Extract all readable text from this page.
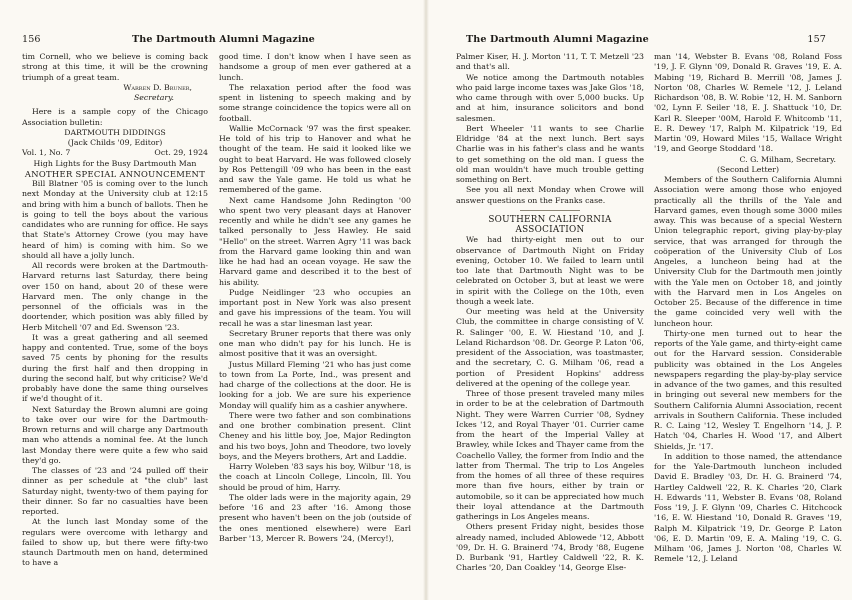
156	The Dartmouth Alumni Magazine

tim Cornell, who we believe is coming back strong at this time, it will be the crowning triumph of a great team.

Warren D. Bruner,

Secretary.

Here is a sample copy of the Chicago Association bulletin:

DARTMOUTH DIDDINGS

(Jack Childs '09, Editor)

Vol. 1, No. 7	Oct. 29, 1924

High Lights for the Busy Dartmouth Man

ANOTHER SPECIAL ANNOUNCEMENT

Bill Blatner '05 is coming over to the lunch next Monday at the University club at 12:15 and bring with him a bunch of ballots. Then he is going to tell the boys about the various candidates who are running for office. He says that State's Attorney Crowe (you may have heard of him) is coming with him. So we should all have a jolly lunch.

All records were broken at the Dartmouth-Harvard returns last Saturday, there being over 150 on hand, about 20 of these were Harvard men. The only change in the personnel of the officials was in the doortender, which position was ably filled by Herb Mitchell '07 and Ed. Swenson '23.

It was a great gathering and all seemed happy and contented. True, some of the boys saved 75 cents by phoning for the results during the first half and then dropping in during the second half, but why criticise? We'd probably have done the same thing ourselves if we'd thought of it.

Next Saturday the Brown alumni are going to take over our wire for the Dartmouth-Brown returns and will charge any Dartmouth man who attends a nominal fee. At the lunch last Monday there were quite a few who said they'd go.

The classes of '23 and '24 pulled off their dinner as per schedule at "the club" last Saturday night, twenty-two of them paying for their dinner. So far no casualties have been reported.

At the lunch last Monday some of the regulars were overcome with lethargy and failed to show up, but there were fifty-two staunch Dartmouth men on hand, determined to have a

good time. I don't know when I have seen as handsome a group of men ever gathered at a lunch.

The relaxation period after the food was spent in listening to speech making and by some strange coincidence the topics were all on football.

Wallie McCornack '97 was the first speaker. He told of his trip to Hanover and what he thought of the team. He said it looked like we ought to beat Harvard. He was followed closely by Ros Pettengill '09 who has been in the east and saw the Yale game. He told us what he remembered of the game.

Next came Handsome John Redington '00 who spent two very pleasant days at Hanover recently and while he didn't see any games he talked personally to Jess Hawley. He said "Hello" on the street. Warren Agry '11 was back from the Harvard game looking thin and wan like he had had an ocean voyage. He saw the Harvard game and described it to the best of his ability.

Pudge Neidlinger '23 who occupies an important post in New York was also present and gave his impressions of the team. You will recall he was a star linesman last year.

Secretary Bruner reports that there was only one man who didn't pay for his lunch. He is almost positive that it was an oversight.

Justus Millard Fleming '21 who has just come to town from La Porte, Ind., was present and had charge of the collections at the door. He is looking for a job. We are sure his experience Monday will qualify him as a cashier anywhere.

There were two father and son combinations and one brother combination present. Clint Cheney and his little boy, Joe, Major Redington and his two boys, John and Theodore, two lovely boys, and the Meyers brothers, Art and Laddie.

Harry Woleben '83 says his boy, Wilbur '18, is the coach at Lincoln College, Lincoln, Ill. You should be proud of him, Harry.

The older lads were in the majority again, 29 before '16 and 23 after '16. Among those present who haven't been on the job (outside of the ones mentioned elsewhere) were Earl Barber '13, Mercer R. Bowers '24, (Mercy!),

The Dartmouth Alumni Magazine	157

Palmer Kiser, H. J. Morton '11, T. T. Metzell '23 and that's all.

We notice among the Dartmouth notables who paid large income taxes was Jake Glos '18, who came through with over 5,000 bucks. Up and at him, insurance solicitors and bond salesmen.

Bert Wheeler '11 wants to see Charlie Eldridge '84 at the next lunch. Bert says Charlie was in his father's class and he wants to get something on the old man. I guess the old man wouldn't have much trouble getting something on Bert.

See you all next Monday when Crowe will answer questions on the Franks case.

SOUTHERN CALIFORNIA

ASSOCIATION

We had thirty-eight men out to our observance of Dartmouth Night on Friday evening, October 10. We failed to learn until too late that Dartmouth Night was to be celebrated on October 3, but at least we were in spirit with the College on the 10th, even though a week late.

Our meeting was held at the University Club, the committee in charge consisting of V. R. Salinger '00, E. W. Hiestand '10, and J. Leland Richardson '08. Dr. George P. Laton '06, president of the Association, was toastmaster, and the secretary, C. G. Milham '06, read a portion of President Hopkins' address delivered at the opening of the college year.

Three of those present traveled many miles in order to be at the celebration of Dartmouth Night. They were Warren Currier '08, Sydney Ickes '12, and Royal Thayer '01. Currier came from the heart of the Imperial Valley at Brawley, while Ickes and Thayer came from the Coachello Valley, the former from Indio and the latter from Thermal. The trip to Los Angeles from the homes of all three of these requires more than five hours, either by train or automobile, so it can be appreciated how much their loyal attendance at the Dartmouth gatherings in Los Angeles means.

Others present Friday night, besides those already named, included Ablowede '12, Abbott '09, Dr. H. G. Brainerd '74, Brody '88, Eugene D. Burbank '91, Hartley Caldwell '22, R. K. Charles '20, Dan Coakley '14, George Else-

man '14, Webster B. Evans '08, Roland Foss '19, J. F. Glynn '09, Donald R. Graves '19, E. A. Mabing '19, Richard B. Merrill '08, James J. Norton '08, Charles W. Remele '12, J. Leland Richardson '08, B. W. Robie '12, H. M. Sanborn '02, Lynn F. Seiler '18, E. J. Shattuck '10, Dr. Karl R. Sleeper '00M, Harold F. Whitcomb '11, E. R. Dewey '17, Ralph M. Kilpatrick '19, Ed Martin '09, Howard Miles '15, Wallace Wright '19, and George Stoddard '18.

C. G. Milham, Secretary.

(Second Letter)

Members of the Southern California Alumni Association were among those who enjoyed practically all the thrills of the Yale and Harvard games, even though some 3000 miles away. This was because of a special Western Union telegraphic report, giving play-by-play service, that was arranged for through the coöperation of the University Club of Los Angeles, a luncheon being had at the University Club for the Dartmouth men jointly with the Yale men on October 18, and jointly with the Harvard men in Los Angeles on October 25. Because of the difference in time the game coincided very well with the luncheon hour.

Thirty-one men turned out to hear the reports of the Yale game, and thirty-eight came out for the Harvard session. Considerable publicity was obtained in the Los Angeles newspapers regarding the play-by-play service in advance of the two games, and this resulted in bringing out several new members for the Southern California Alumni Association, recent arrivals in Southern California. These included R. C. Laing '12, Wesley T. Engelhorn '14, J. P. Hatch '04, Charles H. Wood '17, and Albert Shields, Jr. '17.

In addition to those named, the attendance for the Yale-Dartmouth luncheon included David E. Bradley '03, Dr. H. G. Brainerd '74, Hartley Caldwell '22, R. K. Charles '20, Clark H. Edwards '11, Webster B. Evans '08, Roland Foss '19, J. F. Glynn '09, Charles C. Hitchcock '16, E. W. Hiestand '10, Donald R. Graves '19, Ralph M. Kilpatrick '19, Dr. George P. Laton '06, E. D. Martin '09, E. A. Maling '19, C. G. Milham '06, James J. Norton '08, Charles W. Remele '12, J. Leland
